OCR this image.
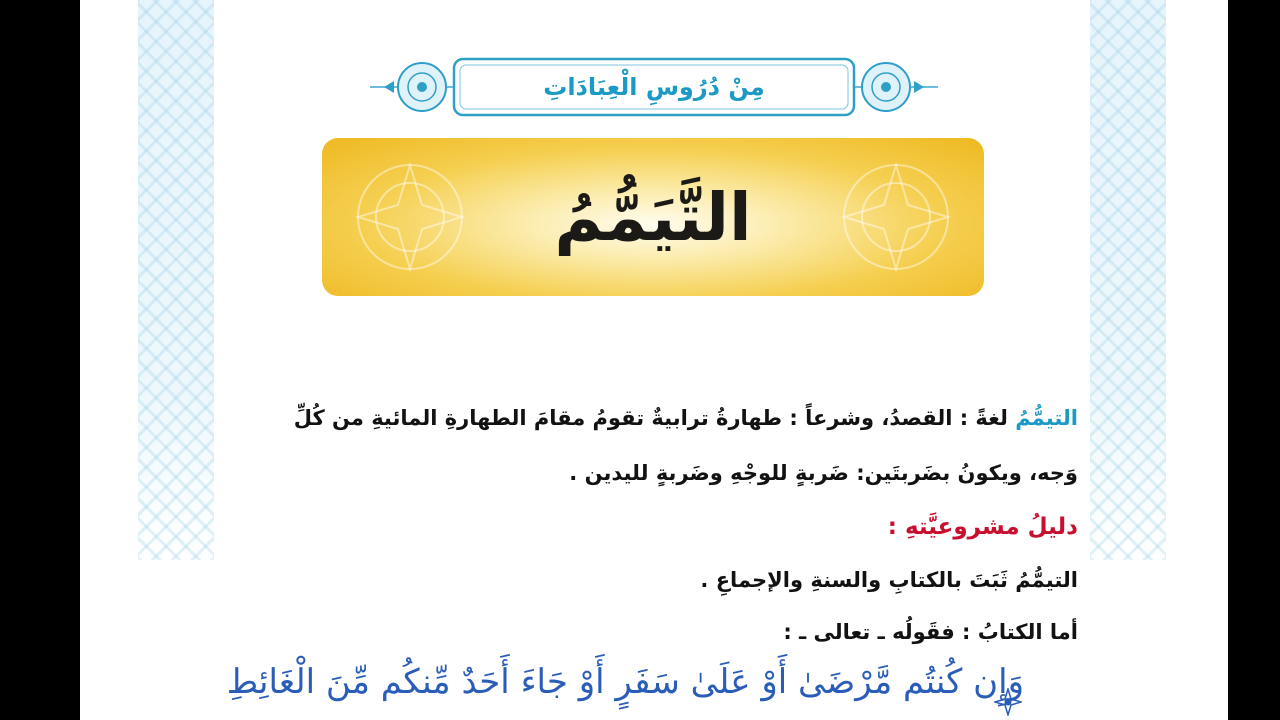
مِنْ دُرُوسِ الْعِبَادَاتِ
التَّيَمُّمُ
التيمُّمُ لغةً : القصدُ، وشرعاً : طهارةُ ترابيةٌ تقومُ مقامَ الطهارةِ المائيةِ من كُلِّ
وَجه، ويكونُ بضَربتَين: ضَربةٍ للوجْهِ وضَربةٍ لليدين .
دليلُ مشروعيَّتهِ :
التيمُّمُ ثَبَتَ بالكتابِ والسنةِ والإجماعِ .
أما الكتابُ : فقَولُه ـ تعالى ـ :
وَإِن كُنتُم مَّرْضَىٰ أَوْ عَلَىٰ سَفَرٍ أَوْ جَاءَ أَحَدٌ مِّنكُم مِّنَ الْغَائِطِ
